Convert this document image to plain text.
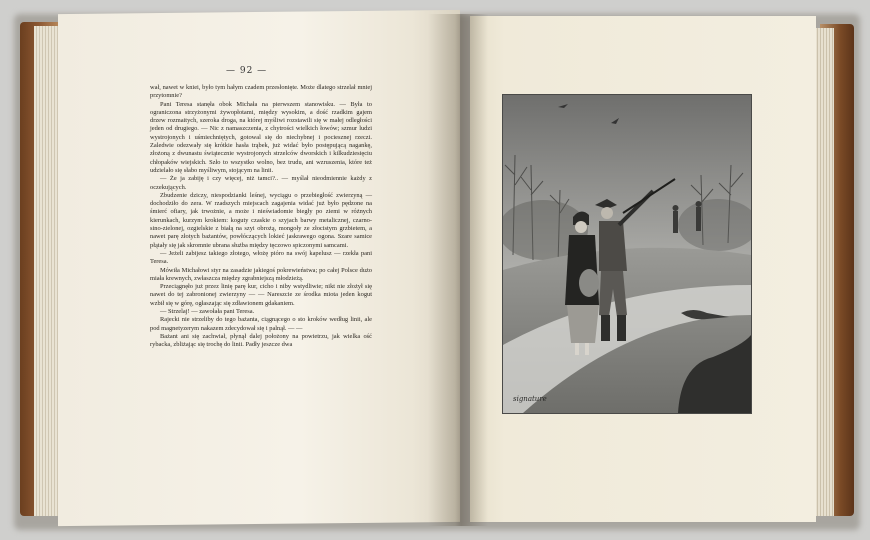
— 92 —

wał, nawet w kniei, było tym hałym czadem przesłonięte. Może dlatego strzelał mniej przytomnie?

Pani Teresa stanęła obok Michała na pierwszem stanowisku. — Była to ograniczona strzyżonymi żywopłotami, między wysokim, a dość rzadkim gajem drzew rozmaitych, szeroka droga, na której myśliwi rozstawili się w małej odległości jeden od drugiego. — Nic z namaszczenia, z chytrości wielkich łowów; szmur ludzi wystrojonych i uśmiechniętych, gotowal się do niechybnej i pociesznej rzeczi. Zaledwie odezwały się krótkie hasła trąbek, już widać było postępującą nagankę, złożoną z dwunastu świątecznie wystrojonych strzelców dworskich i kilkudziesięciu chłopaków wiejskich. Szło to wszystko wolno, bez trudu, ani wzruszenia, które też udzielało się słabo myśliwym, stojącym na linii.

— Że ja zabiję i czy więcej, niż tamci?.. — myślał nieodmiennie każdy z oczekujących.

Zbudzenie dziczy, niespodzianki leśnej, wyciągu o przebiegłość zwierzyną — dochodziło do zera. W rzadszych miejscach zagajenia widać już było pędzone na śmierć ofiary, jak trwożnie, a może i nieświadomie biegły po ziemi w różnych kierunkach, kurzym krokiem: koguty czaskie o szyjach barwy metalicznej, czarno-sino-zielonej, ozgielskie z białą na szyi obrożą, mongoły ze złocistym grzbietem, a nawet parę złotych bażantów, powłóczących lokieć jaskrawego ogona. Szare samice płątały się jak skromnie ubrana służba między tęczowo spiczonymi samcami.

— Jeżeli zabijesz takiego złotego, włożę pióro na swój kapelusz — rzekła pani Teresa.

Mówiła Michałowi styr na zasadzie jakiegoś pokrewieństwa; po całej Polsce dużo miała krewnych, zwłaszcza między zgrabniejszą młodzieżą.

Przeciągnęło już przez linię parę kur, cicho i niby wstydliwie; nikt nie złożył się nawet do tej zabronionej zwierzyny — — Nareszcie ze środka miota jeden kogut wzbił się w górę, ogłaszając się zdławionem gdakaniem.

— Strzelaj! — zawołała pani Teresa.

Rajecki nie strzeliby do tego bażanta, ciągnącego o sto kroków według linii, ale pod magnetyzerym nakazem zdecydował się i palnął. — —

Bażant ani się zachwiał, płynął dalej położony na powietrzu, jak wielka ość rybacka, zbliżając się trochę do linii. Padły jeszcze dwa

signature
